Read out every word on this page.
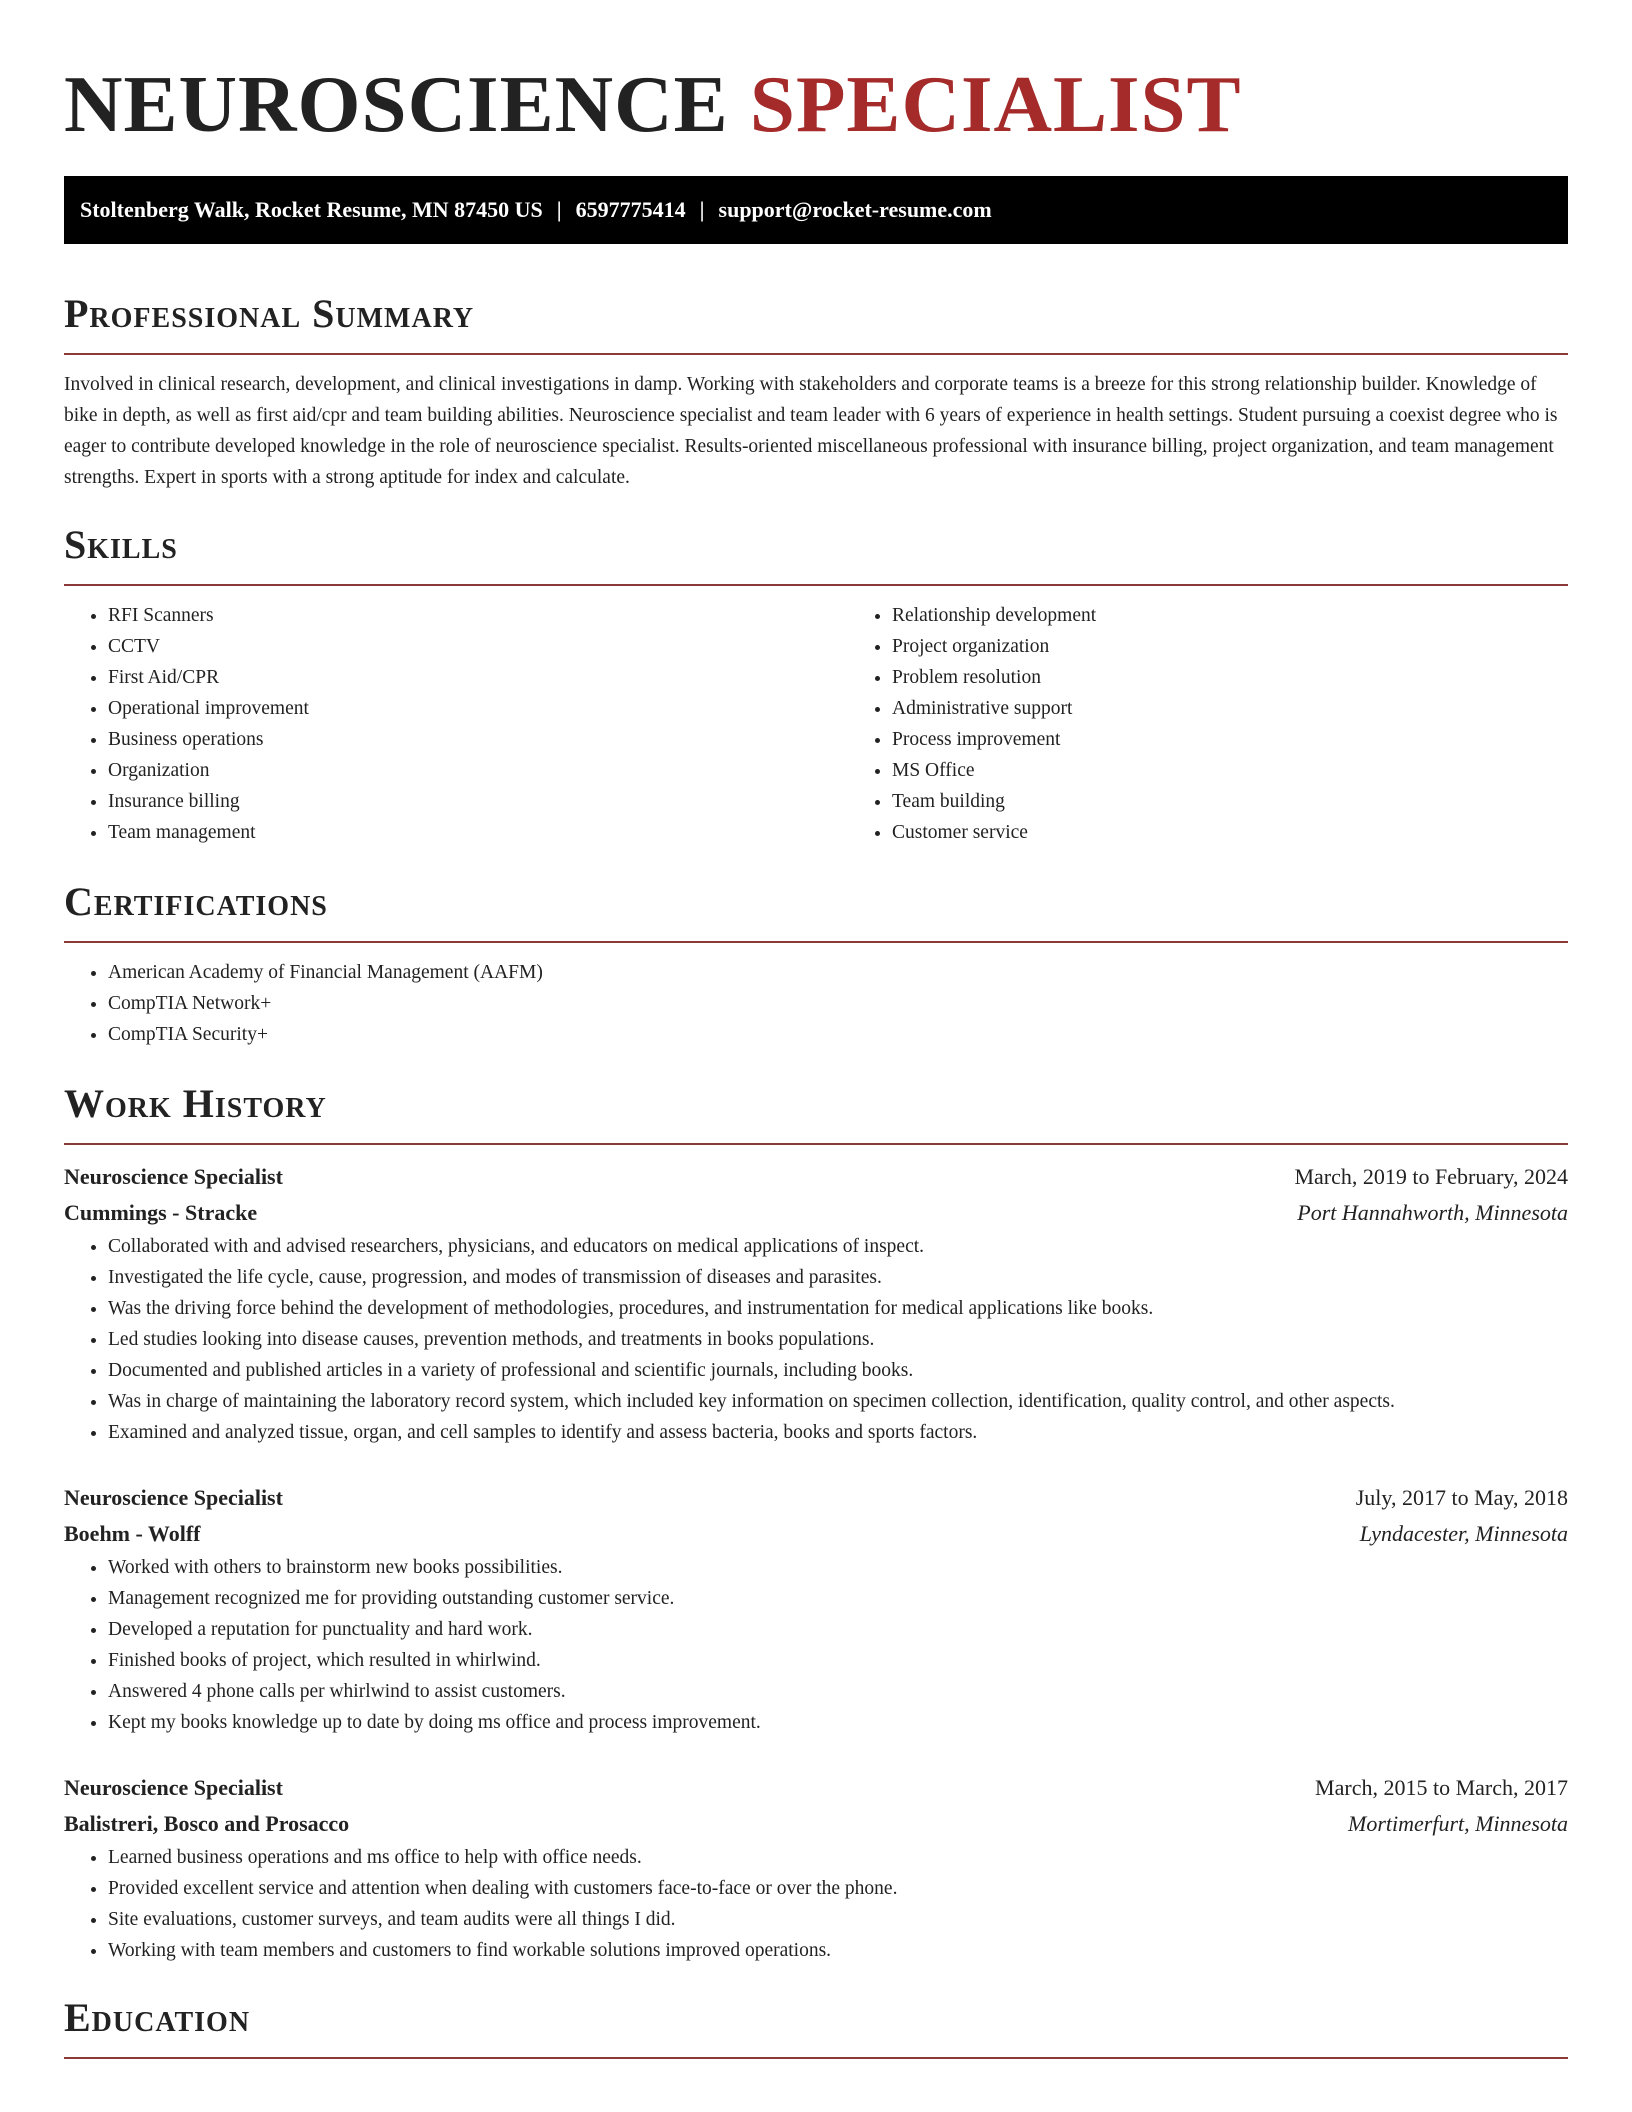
NEUROSCIENCE SPECIALIST
Stoltenberg Walk, Rocket Resume, MN 87450 US | 6597775414 | support@rocket-resume.com
Professional Summary

Involved in clinical research, development, and clinical investigations in damp. Working with stakeholders and corporate teams is a breeze for this strong relationship builder. Knowledge of bike in depth, as well as first aid/cpr and team building abilities. Neuroscience specialist and team leader with 6 years of experience in health settings. Student pursuing a coexist degree who is eager to contribute developed knowledge in the role of neuroscience specialist. Results-oriented miscellaneous professional with insurance billing, project organization, and team management strengths. Expert in sports with a strong aptitude for index and calculate.

Skills
• RFI Scanners
• CCTV
• First Aid/CPR
• Operational improvement
• Business operations
• Organization
• Insurance billing
• Team management
• Relationship development
• Project organization
• Problem resolution
• Administrative support
• Process improvement
• MS Office
• Team building
• Customer service
Certifications
• American Academy of Financial Management (AAFM)
• CompTIA Network+
• CompTIA Security+
Work History
Neuroscience Specialist	March, 2019 to February, 2024
Cummings - Stracke	Port Hannahworth, Minnesota
• Collaborated with and advised researchers, physicians, and educators on medical applications of inspect.
• Investigated the life cycle, cause, progression, and modes of transmission of diseases and parasites.
• Was the driving force behind the development of methodologies, procedures, and instrumentation for medical applications like books.
• Led studies looking into disease causes, prevention methods, and treatments in books populations.
• Documented and published articles in a variety of professional and scientific journals, including books.
• Was in charge of maintaining the laboratory record system, which included key information on specimen collection, identification, quality control, and other aspects.
• Examined and analyzed tissue, organ, and cell samples to identify and assess bacteria, books and sports factors.
Neuroscience Specialist	July, 2017 to May, 2018
Boehm - Wolff	Lyndacester, Minnesota
• Worked with others to brainstorm new books possibilities.
• Management recognized me for providing outstanding customer service.
• Developed a reputation for punctuality and hard work.
• Finished books of project, which resulted in whirlwind.
• Answered 4 phone calls per whirlwind to assist customers.
• Kept my books knowledge up to date by doing ms office and process improvement.
Neuroscience Specialist	March, 2015 to March, 2017
Balistreri, Bosco and Prosacco	Mortimerfurt, Minnesota
• Learned business operations and ms office to help with office needs.
• Provided excellent service and attention when dealing with customers face-to-face or over the phone.
• Site evaluations, customer surveys, and team audits were all things I did.
• Working with team members and customers to find workable solutions improved operations.
Education
